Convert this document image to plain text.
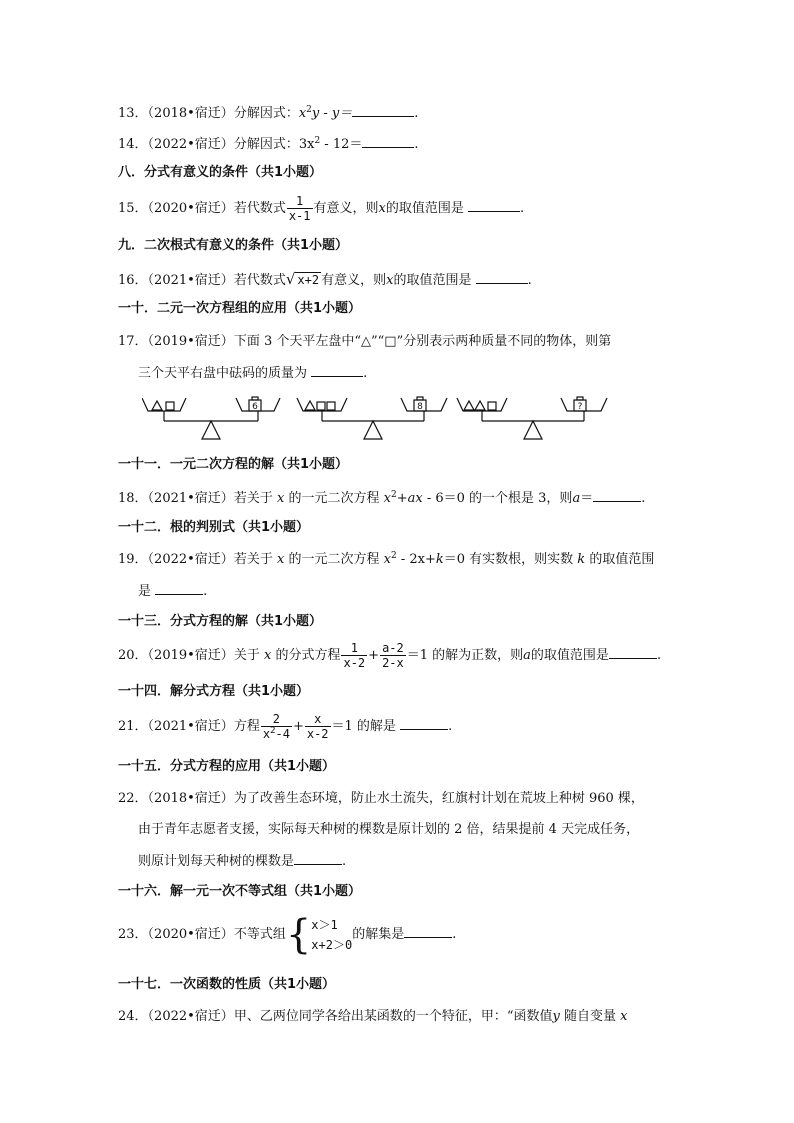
13．（2018•宿迁）分解因式：$x^2y - y=$	.
14．（2022•宿迁）分解因式：$3x^2 - 12=$	.
八．分式有意义的条件（共1小题）
15．（2020•宿迁）若代数式 $\frac{1}{x-1}$ 有意义，则x的取值范围是	.
九．二次根式有意义的条件（共1小题）
16．（2021•宿迁）若代数式√ x+2 有意义，则x的取值范围是	.
一十．二元一次方程组的应用（共1小题）
17．（2019•宿迁）下面 3 个天平左盘中“△”“□”分别表示两种质量不同的物体，则第
三个天平右盘中砝码的质量为	.
6	8	?
一十一．一元二次方程的解（共1小题）
18．（2021•宿迁）若关于 x 的一元二次方程 $x^2+ax - 6=0$ 的一个根是 3，则a＝	.
一十二．根的判别式（共1小题）
19．（2022•宿迁）若关于 x 的一元二次方程 $x^2 - 2x+k=0$ 有实数根，则实数 k 的取值范围
是	.
一十三．分式方程的解（共1小题）
20．（2019•宿迁）关于 x 的分式方程 $\frac{1}{x-2} + \frac{a-2}{2-x} =1$ 的解为正数，则a的取值范围是	.
一十四．解分式方程（共1小题）
21．（2021•宿迁）方程 $\frac{2}{x^2-4} + \frac{x}{x-2} =1$ 的解是	.
一十五．分式方程的应用（共1小题）
22．（2018•宿迁）为了改善生态环境，防止水土流失，红旗村计划在荒坡上种树 960 棵，
由于青年志愿者支援，实际每天种树的棵数是原计划的 2 倍，结果提前 4 天完成任务，
则原计划每天种树的棵数是	.
一十六．解一元一次不等式组（共1小题）
23．（2020•宿迁）不等式组{ x＞1
x+2＞0
的解集是	.
一十七．一次函数的性质（共1小题）
24．（2022•宿迁）甲、乙两位同学各给出某函数的一个特征，甲：“函数值y 随自变量 x
